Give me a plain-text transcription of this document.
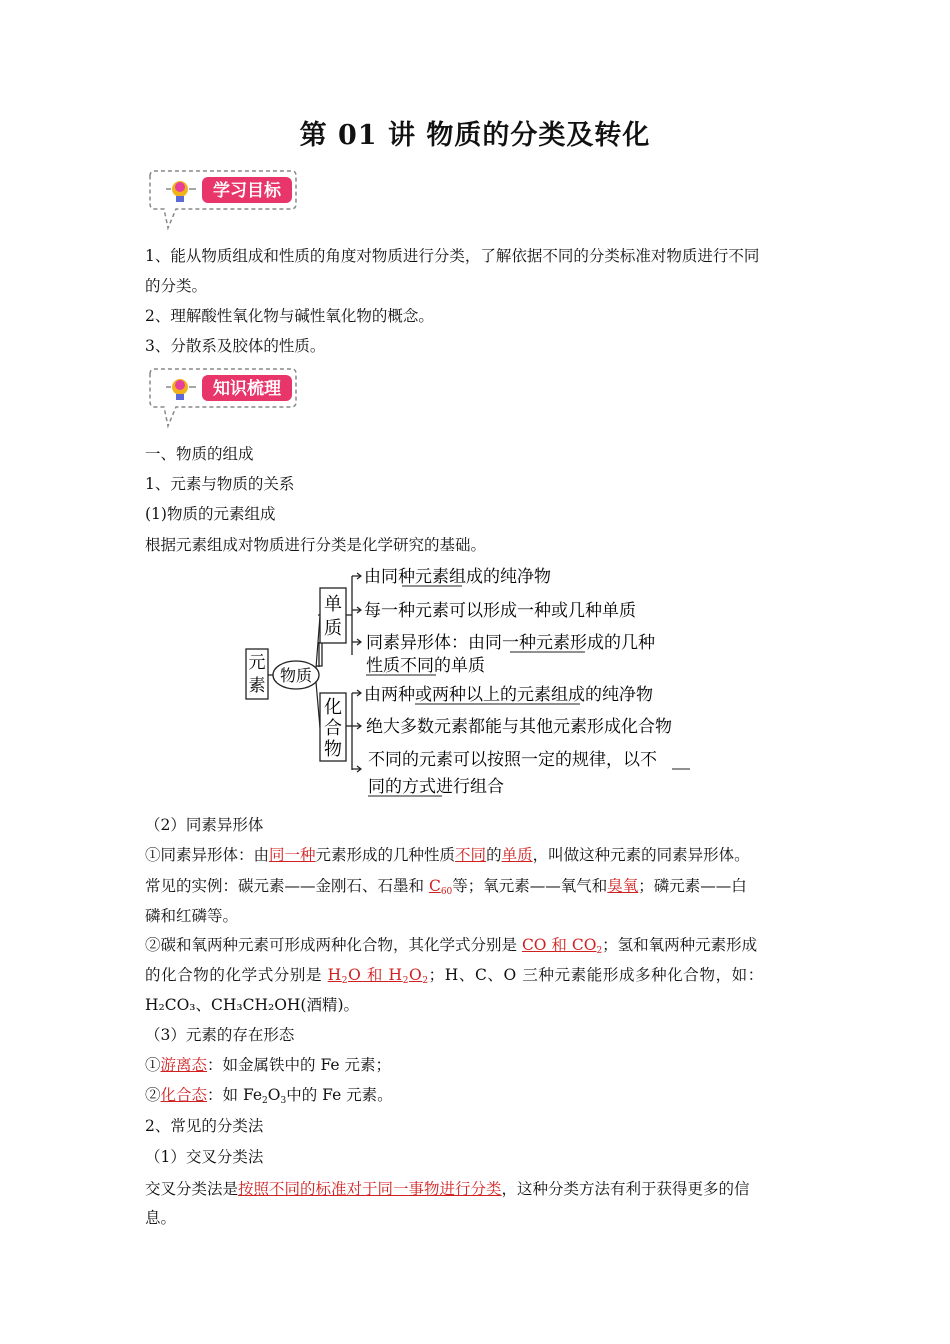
第 01 讲 物质的分类及转化
学习目标
1、能从物质组成和性质的角度对物质进行分类，了解依据不同的分类标准对物质进行不同
的分类。
2、理解酸性氧化物与碱性氧化物的概念。
3、分散系及胶体的性质。
知识梳理
一、物质的组成
1、元素与物质的关系
(1)物质的元素组成
根据元素组成对物质进行分类是化学研究的基础。
元
素
物质
单
质
化
合
物
由同种元素组成的纯净物
每一种元素可以形成一种或几种单质
同素异形体：由同一种元素形成的几种
性质不同的单质
由两种或两种以上的元素组成的纯净物
绝大多数元素都能与其他元素形成化合物
不同的元素可以按照一定的规律，以不
同的方式进行组合
（2）同素异形体
①同素异形体：由同一种元素形成的几种性质不同的单质，叫做这种元素的同素异形体。
常见的实例：碳元素——金刚石、石墨和 $C_{60}$等；氧元素——氧气和臭氧；磷元素——白
磷和红磷等。
②碳和氧两种元素可形成两种化合物，其化学式分别是 CO 和 $CO_2$；氢和氧两种元素形成
的化合物的化学式分别是 $H_2O$ 和 $H_2O_2$；H、C、O 三种元素能形成多种化合物，如：
H₂CO₃、CH₃CH₂OH(酒精)。
（3）元素的存在形态
①游离态：如金属铁中的 Fe 元素；
②化合态：如 $Fe_2O_3$中的 Fe 元素。
2、常见的分类法
（1）交叉分类法
交叉分类法是按照不同的标准对于同一事物进行分类，这种分类方法有利于获得更多的信
息。
